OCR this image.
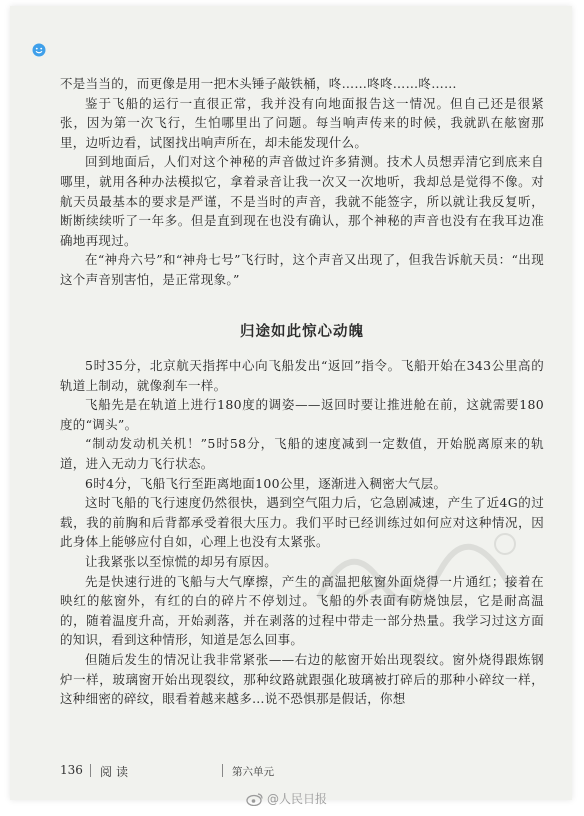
不是当当的，而更像是用一把木头锤子敲铁桶，咚……咚咚……咚……

鉴于飞船的运行一直很正常，我并没有向地面报告这一情况。但自己还是很紧张，因为第一次飞行，生怕哪里出了问题。每当响声传来的时候，我就趴在舷窗那里，边听边看，试图找出响声所在，却未能发现什么。

回到地面后，人们对这个神秘的声音做过许多猜测。技术人员想弄清它到底来自哪里，就用各种办法模拟它，拿着录音让我一次又一次地听，我却总是觉得不像。对航天员最基本的要求是严谨，不是当时的声音，我就不能签字，所以就让我反复听，断断续续听了一年多。但是直到现在也没有确认，那个神秘的声音也没有在我耳边准确地再现过。

在“神舟六号”和“神舟七号”飞行时，这个声音又出现了，但我告诉航天员：“出现这个声音别害怕，是正常现象。”

归途如此惊心动魄

5时35分，北京航天指挥中心向飞船发出“返回”指令。飞船开始在343公里高的轨道上制动，就像刹车一样。

飞船先是在轨道上进行180度的调姿——返回时要让推进舱在前，这就需要180度的“调头”。

“制动发动机关机！”5时58分，飞船的速度减到一定数值，开始脱离原来的轨道，进入无动力飞行状态。

6时4分，飞船飞行至距离地面100公里，逐渐进入稠密大气层。

这时飞船的飞行速度仍然很快，遇到空气阻力后，它急剧减速，产生了近4G的过载，我的前胸和后背都承受着很大压力。我们平时已经训练过如何应对这种情况，因此身体上能够应付自如，心理上也没有太紧张。

让我紧张以至惊慌的却另有原因。

先是快速行进的飞船与大气摩擦，产生的高温把舷窗外面烧得一片通红；接着在映红的舷窗外，有红的白的碎片不停划过。飞船的外表面有防烧蚀层，它是耐高温的，随着温度升高，开始剥落，并在剥落的过程中带走一部分热量。我学习过这方面的知识，看到这种情形，知道是怎么回事。

但随后发生的情况让我非常紧张——右边的舷窗开始出现裂纹。窗外烧得跟炼钢炉一样，玻璃窗开始出现裂纹，那种纹路就跟强化玻璃被打碎后的那种小碎纹一样，这种细密的碎纹，眼看着越来越多…说不恐惧那是假话，你想

136 阅读	第六单元
@人民日报
